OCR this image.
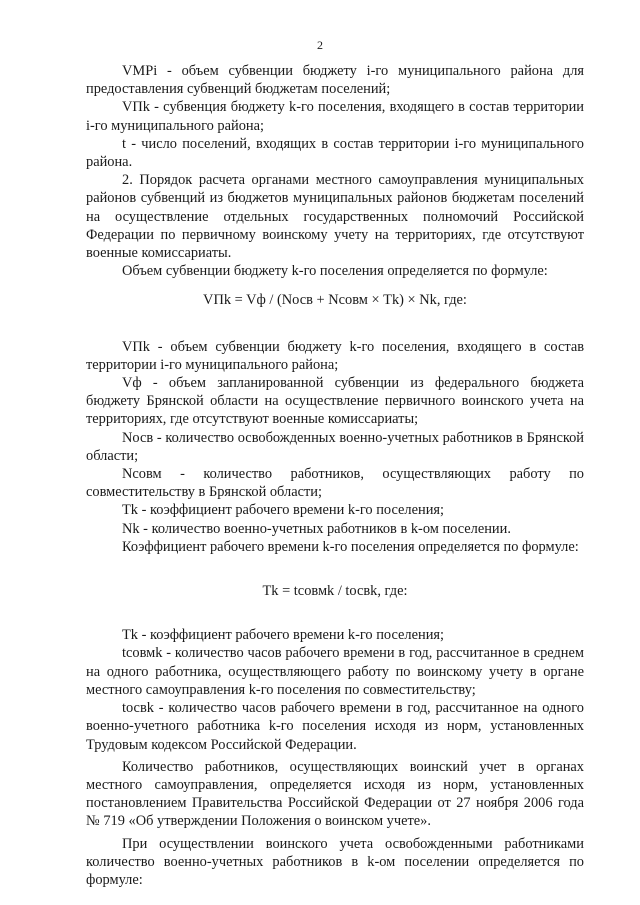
2

VMPi - объем субвенции бюджету i-го муниципального района для предоставления субвенций бюджетам поселений;

VПk - субвенция бюджету k-го поселения, входящего в состав территории i-го муниципального района;

t - число поселений, входящих в состав территории i-го муниципального района.

2. Порядок расчета органами местного самоуправления муниципальных районов субвенций из бюджетов муниципальных районов бюджетам поселений на осуществление отдельных государственных полномочий Российской Федерации по первичному воинскому учету на территориях, где отсутствуют военные комиссариаты.

Объем субвенции бюджету k-го поселения определяется по формуле:

VПk = Vф / (Nосв + Nсовм × Tk) × Nk, где:

VПk - объем субвенции бюджету k-го поселения, входящего в состав территории i-го муниципального района;

Vф - объем запланированной субвенции из федерального бюджета бюджету Брянской области на осуществление первичного воинского учета на территориях, где отсутствуют военные комиссариаты;

Nосв - количество освобожденных военно-учетных работников в Брянской области;

Nсовм - количество работников, осуществляющих работу по совместительству в Брянской области;

Tk - коэффициент рабочего времени k-го поселения;

Nk - количество военно-учетных работников в k-ом поселении.

Коэффициент рабочего времени k-го поселения определяется по формуле:

Tk = tсовмk / tосвk, где:

Tk - коэффициент рабочего времени k-го поселения;

tсовмk - количество часов рабочего времени в год, рассчитанное в среднем на одного работника, осуществляющего работу по воинскому учету в органе местного самоуправления k-го поселения по совместительству;

tосвk - количество часов рабочего времени в год, рассчитанное на одного военно-учетного работника k-го поселения исходя из норм, установленных Трудовым кодексом Российской Федерации.

Количество работников, осуществляющих воинский учет в органах местного самоуправления, определяется исходя из норм, установленных постановлением Правительства Российской Федерации от 27 ноября 2006 года № 719 «Об утверждении Положения о воинском учете».

При осуществлении воинского учета освобожденными работниками количество военно-учетных работников в k-ом поселении определяется по формуле:
